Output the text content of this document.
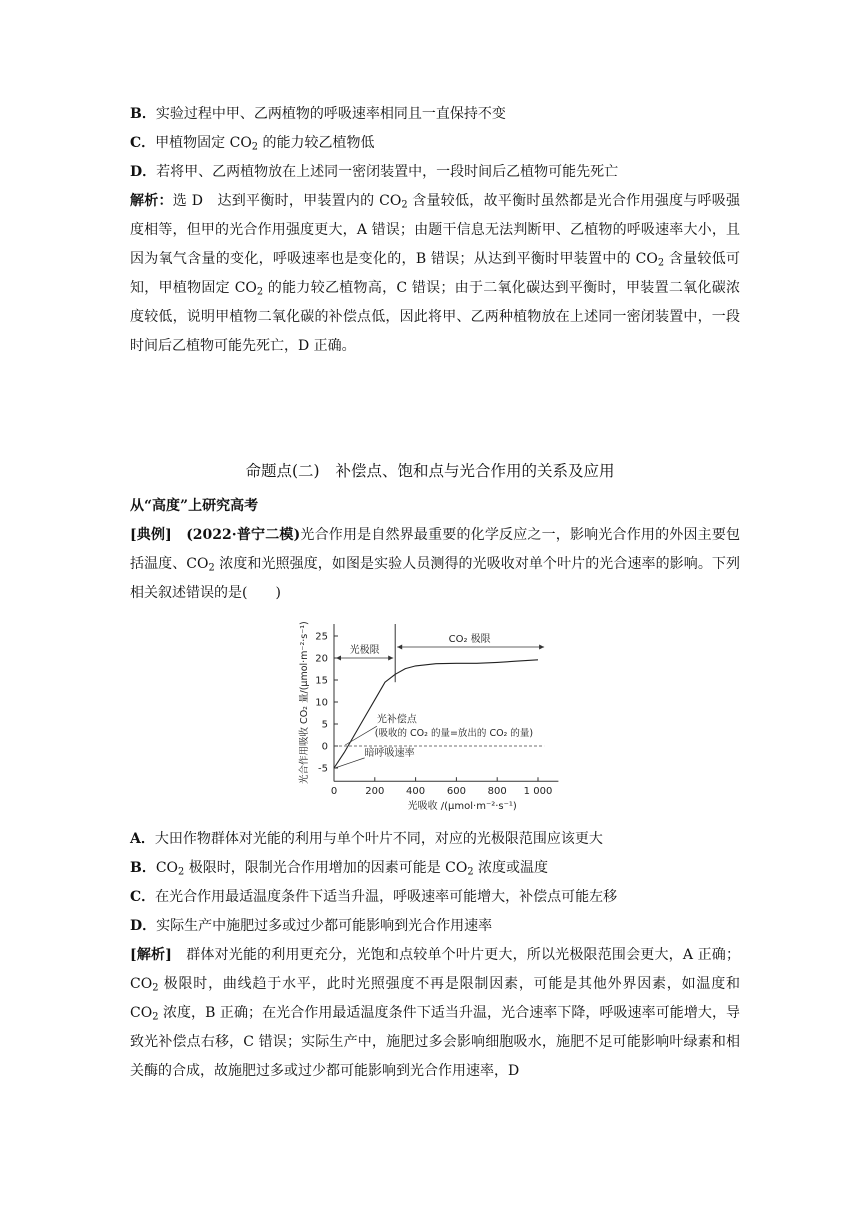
B．实验过程中甲、乙两植物的呼吸速率相同且一直保持不变
C．甲植物固定 $CO_2$ 的能力较乙植物低
D．若将甲、乙两植物放在上述同一密闭装置中，一段时间后乙植物可能先死亡
解析：选 D　 达到平衡时，甲装置内的 $CO_2$ 含量较低，故平衡时虽然都是光合作用强度与呼吸强度相等，但甲的光合作用强度更大，A 错误；由题干信息无法判断甲、乙植物的呼吸速率大小，且因为氧气含量的变化，呼吸速率也是变化的，B 错误；从达到平衡时甲装置中的 $CO_2$ 含量较低可知，甲植物固定 $CO_2$ 的能力较乙植物高，C 错误；由于二氧化碳达到平衡时，甲装置二氧化碳浓度较低，说明甲植物二氧化碳的补偿点低，因此将甲、乙两种植物放在上述同一密闭装置中，一段时间后乙植物可能先死亡，D 正确。
命题点(二) 补偿点、饱和点与光合作用的关系及应用
从“高度”上研究高考
[典例]　 (2022·普宁二模)光合作用是自然界最重要的化学反应之一，影响光合作用的外因主要包括温度、$CO_2$ 浓度和光照强度，如图是实验人员测得的光吸收对单个叶片的光合速率的影响。下列相关叙述错误的是(　　)
25
20
15
10
5
0
-5
0	200 400 600 800 1 000
光极限
CO₂ 极限
光补偿点
(吸收的 CO₂ 的量=放出的 CO₂ 的量)
暗呼吸速率
光合作用吸收 CO₂ 量/(μmol·m⁻²·s⁻¹)
光吸收 /(μmol·m⁻²·s⁻¹)
A．大田作物群体对光能的利用与单个叶片不同，对应的光极限范围应该更大
B．$CO_2$ 极限时，限制光合作用增加的因素可能是 $CO_2$ 浓度或温度
C．在光合作用最适温度条件下适当升温，呼吸速率可能增大，补偿点可能左移
D．实际生产中施肥过多或过少都可能影响到光合作用速率
[解析]　群体对光能的利用更充分，光饱和点较单个叶片更大，所以光极限范围会更大，A 正确；$CO_2$ 极限时，曲线趋于水平，此时光照强度不再是限制因素，可能是其他外界因素，如温度和 $CO_2$ 浓度，B 正确；在光合作用最适温度条件下适当升温，光合速率下降，呼吸速率可能增大，导致光补偿点右移，C 错误；实际生产中，施肥过多会影响细胞吸水，施肥不足可能影响叶绿素和相关酶的合成，故施肥过多或过少都可能影响到光合作用速率，D
